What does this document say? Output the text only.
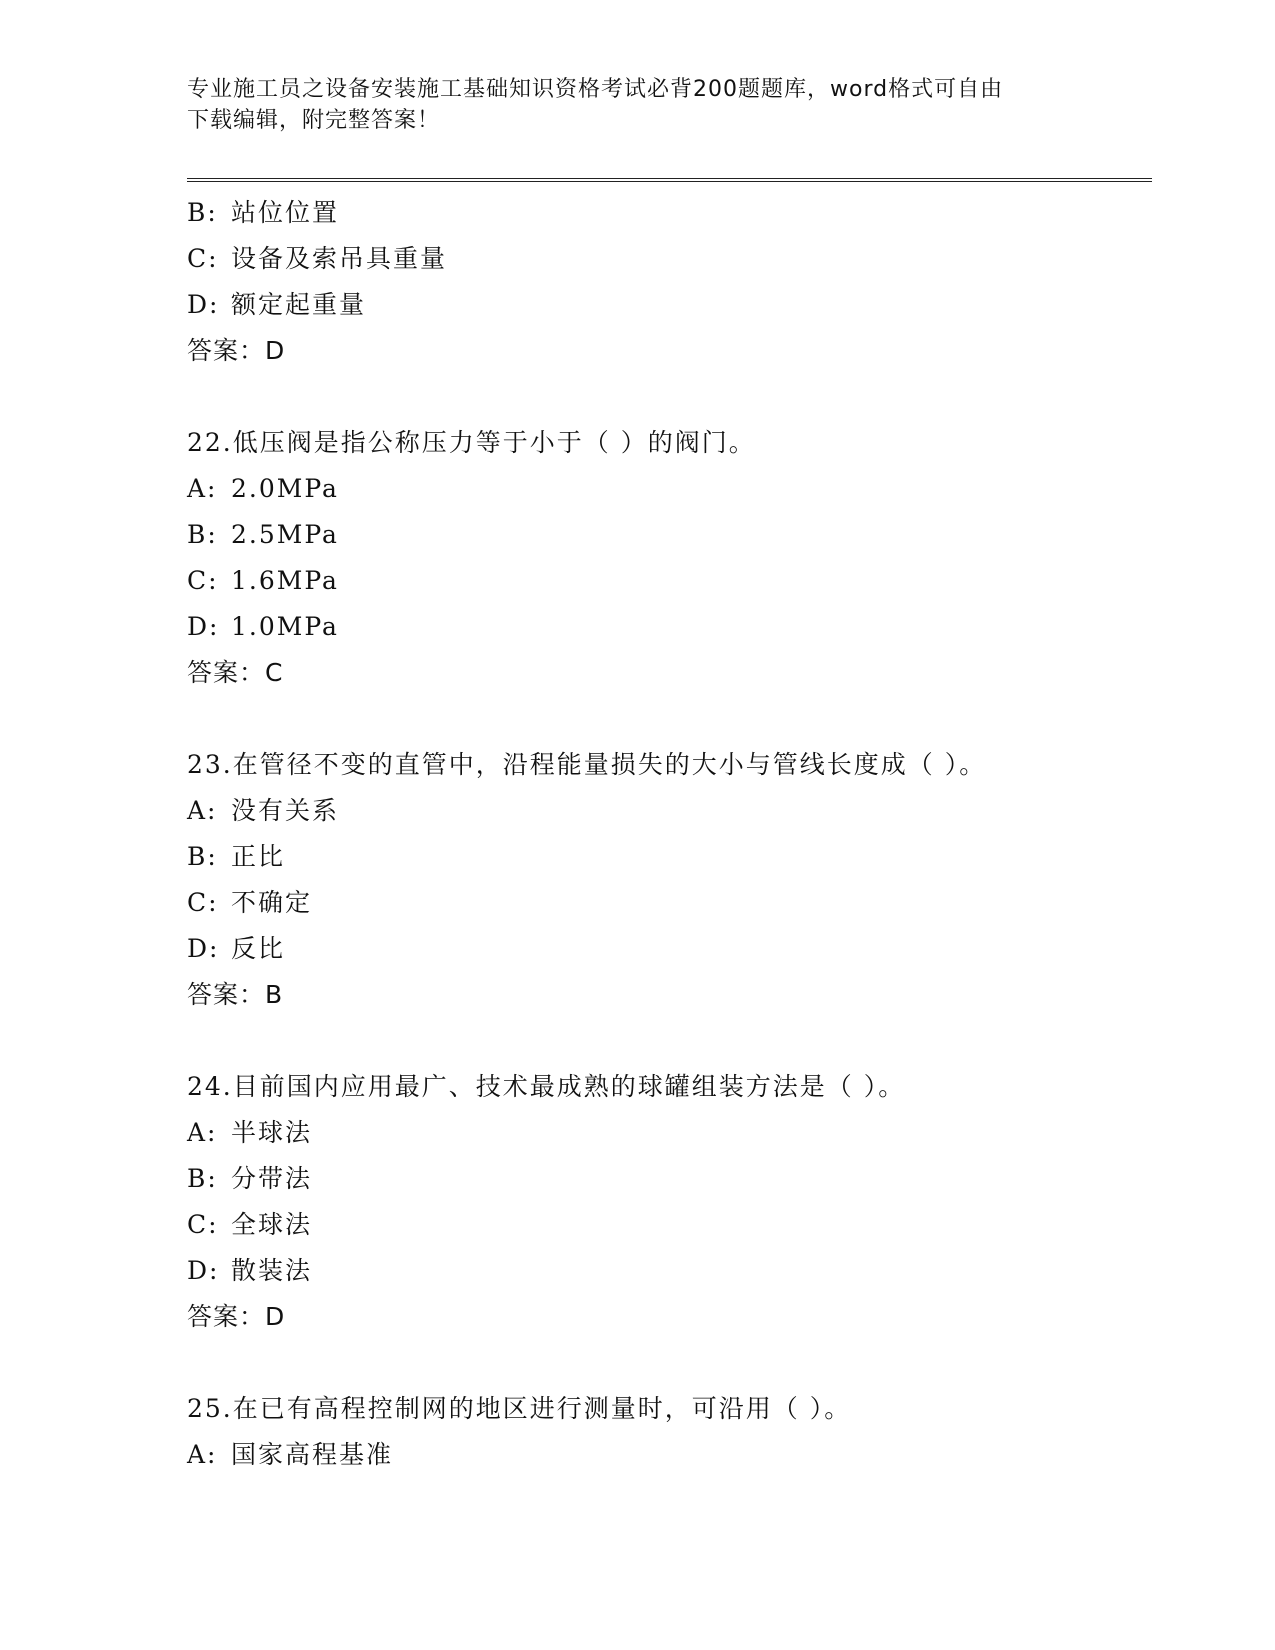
专业施工员之设备安装施工基础知识资格考试必背200题题库，word格式可自由
下载编辑，附完整答案！
B: 站位位置
C: 设备及索吊具重量
D: 额定起重量
答案：D
22.低压阀是指公称压力等于小于（ ）的阀门。
A: 2.0MPa
B: 2.5MPa
C: 1.6MPa
D: 1.0MPa
答案：C
23.在管径不变的直管中，沿程能量损失的大小与管线长度成（ ）。
A: 没有关系
B: 正比
C: 不确定
D: 反比
答案：B
24.目前国内应用最广、技术最成熟的球罐组装方法是（ ）。
A: 半球法
B: 分带法
C: 全球法
D: 散装法
答案：D
25.在已有高程控制网的地区进行测量时，可沿用（ ）。
A: 国家高程基准
